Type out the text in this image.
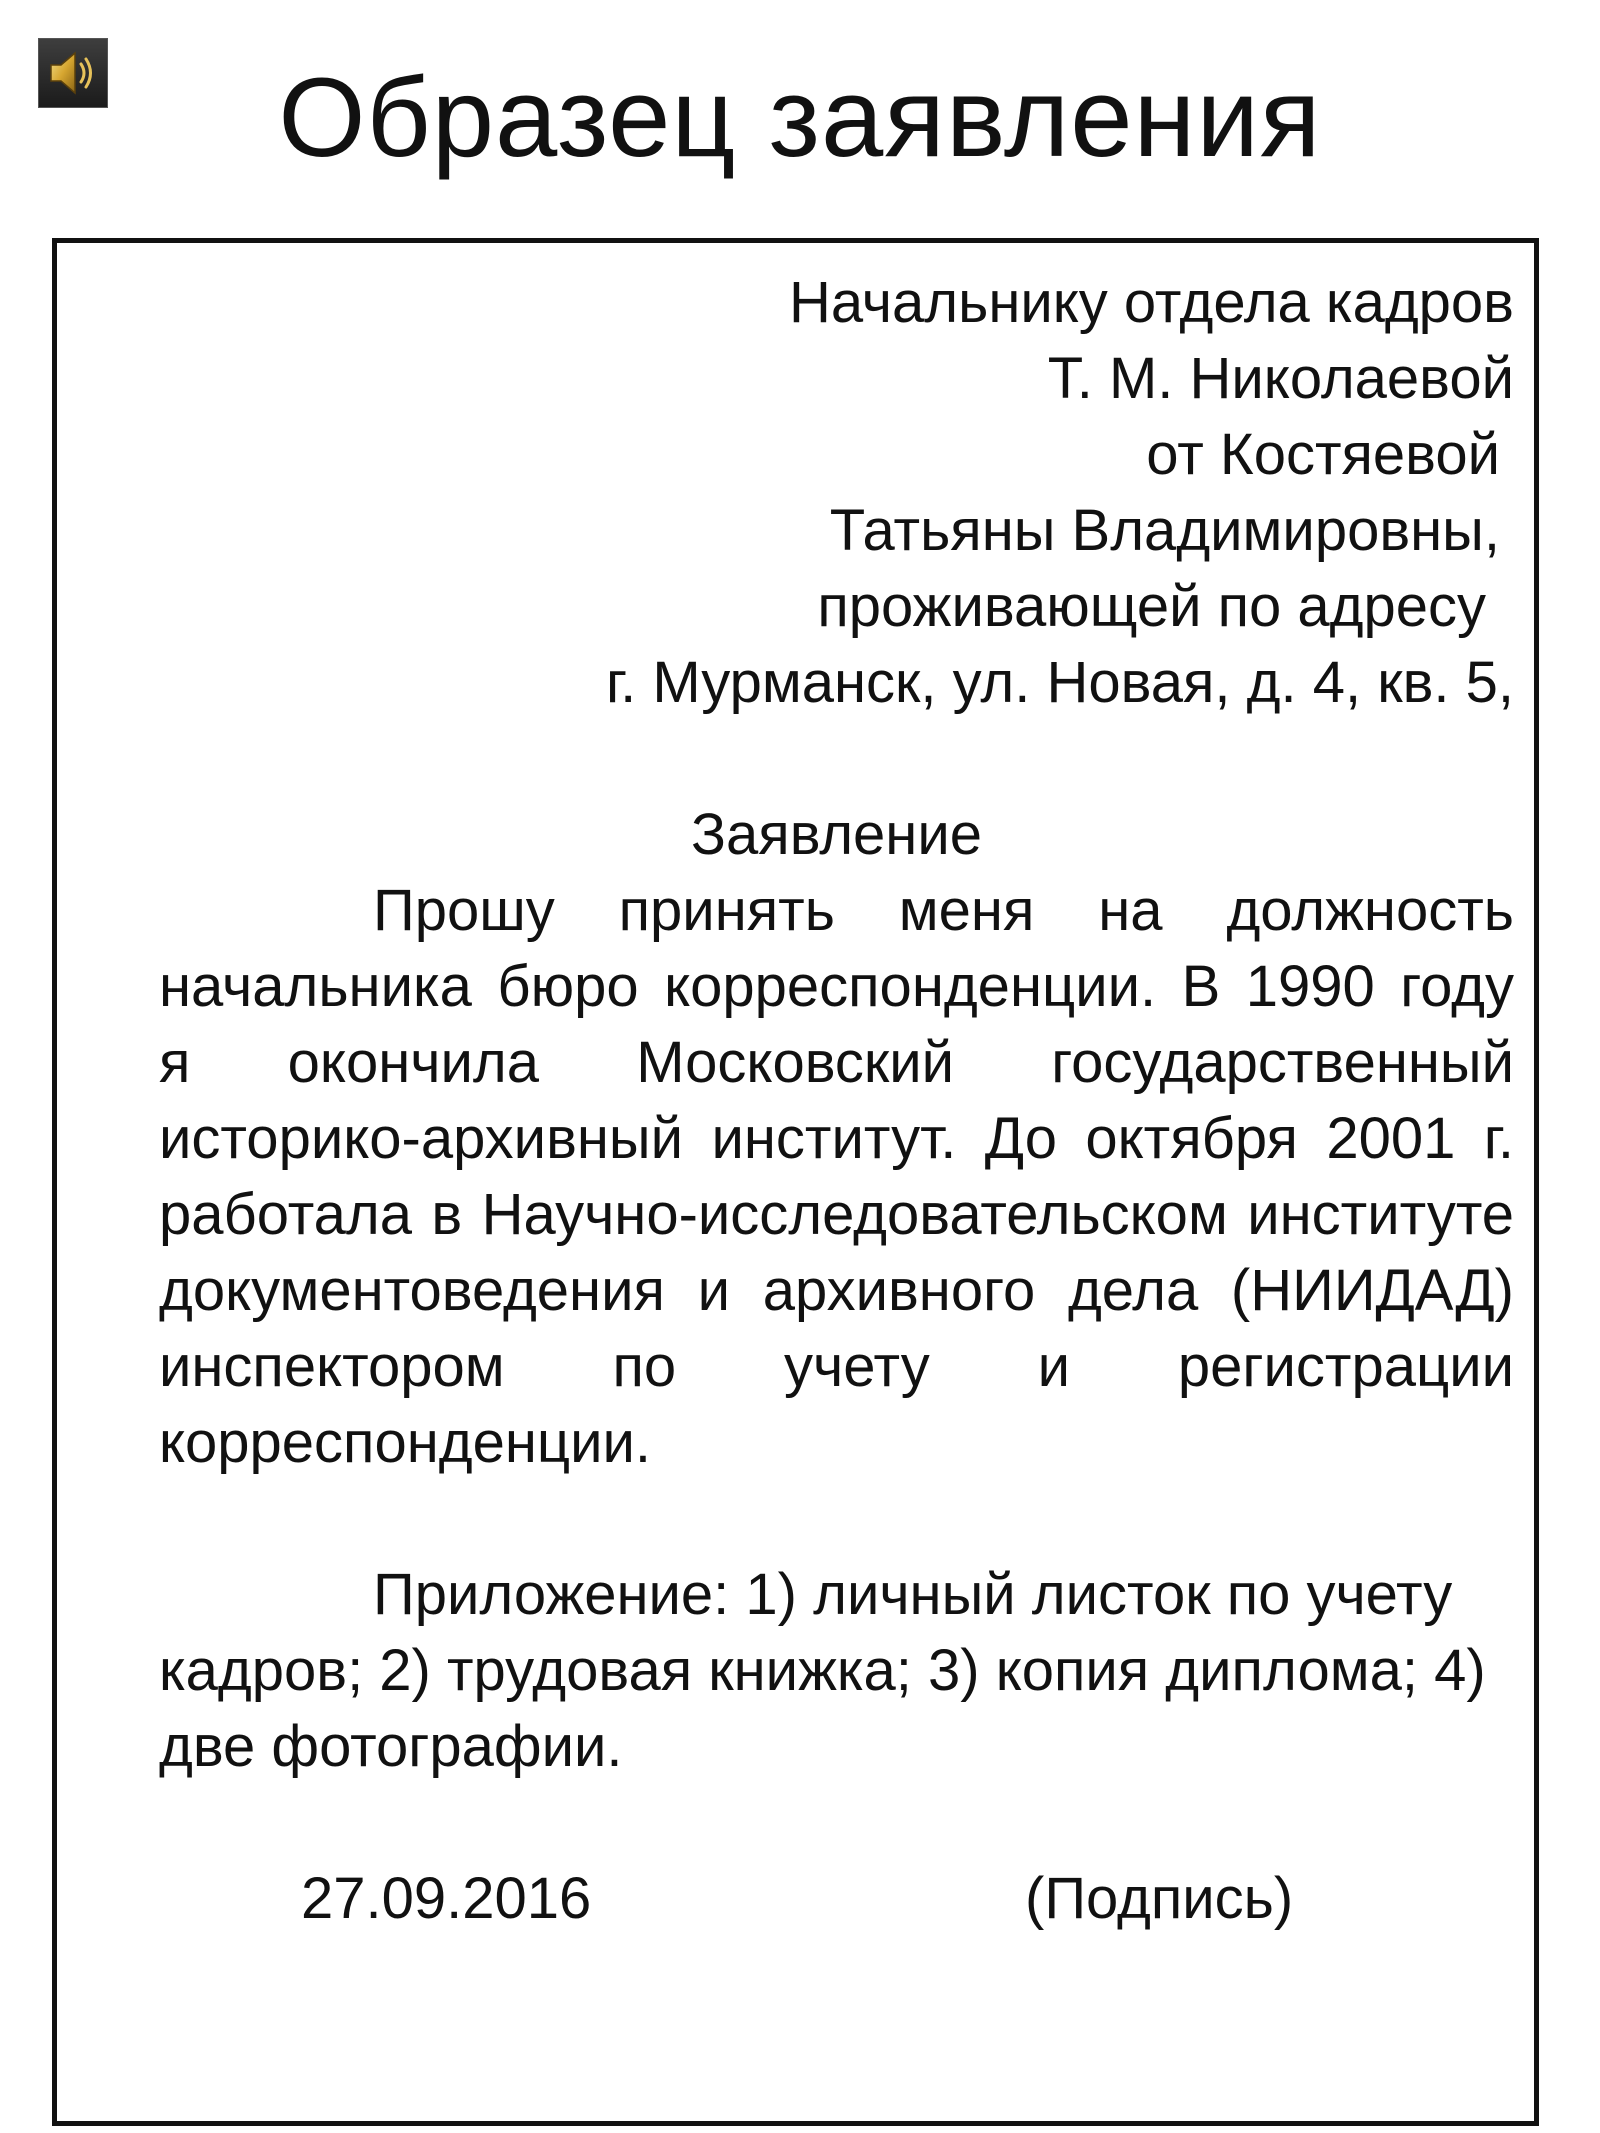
Образец заявления
Начальнику отдела кадров
Т. М. Николаевой
от Костяевой
Татьяны Владимировны,
проживающей по адресу
г. Мурманск, ул. Новая, д. 4, кв. 5,
Заявление
Прошу принять меня на должность начальника бюро корреспонденции. В 1990 году я окончила Московский государственный историко-архивный институт. До октября 2001 г. работала в Научно-исследовательском институте документоведения и архивного дела (НИИДАД) инспектором по учету и регистрации корреспонденции.
Приложение: 1) личный листок по учету кадров; 2) трудовая книжка; 3) копия диплома; 4) две фотографии.
27.09.2016	(Подпись)
